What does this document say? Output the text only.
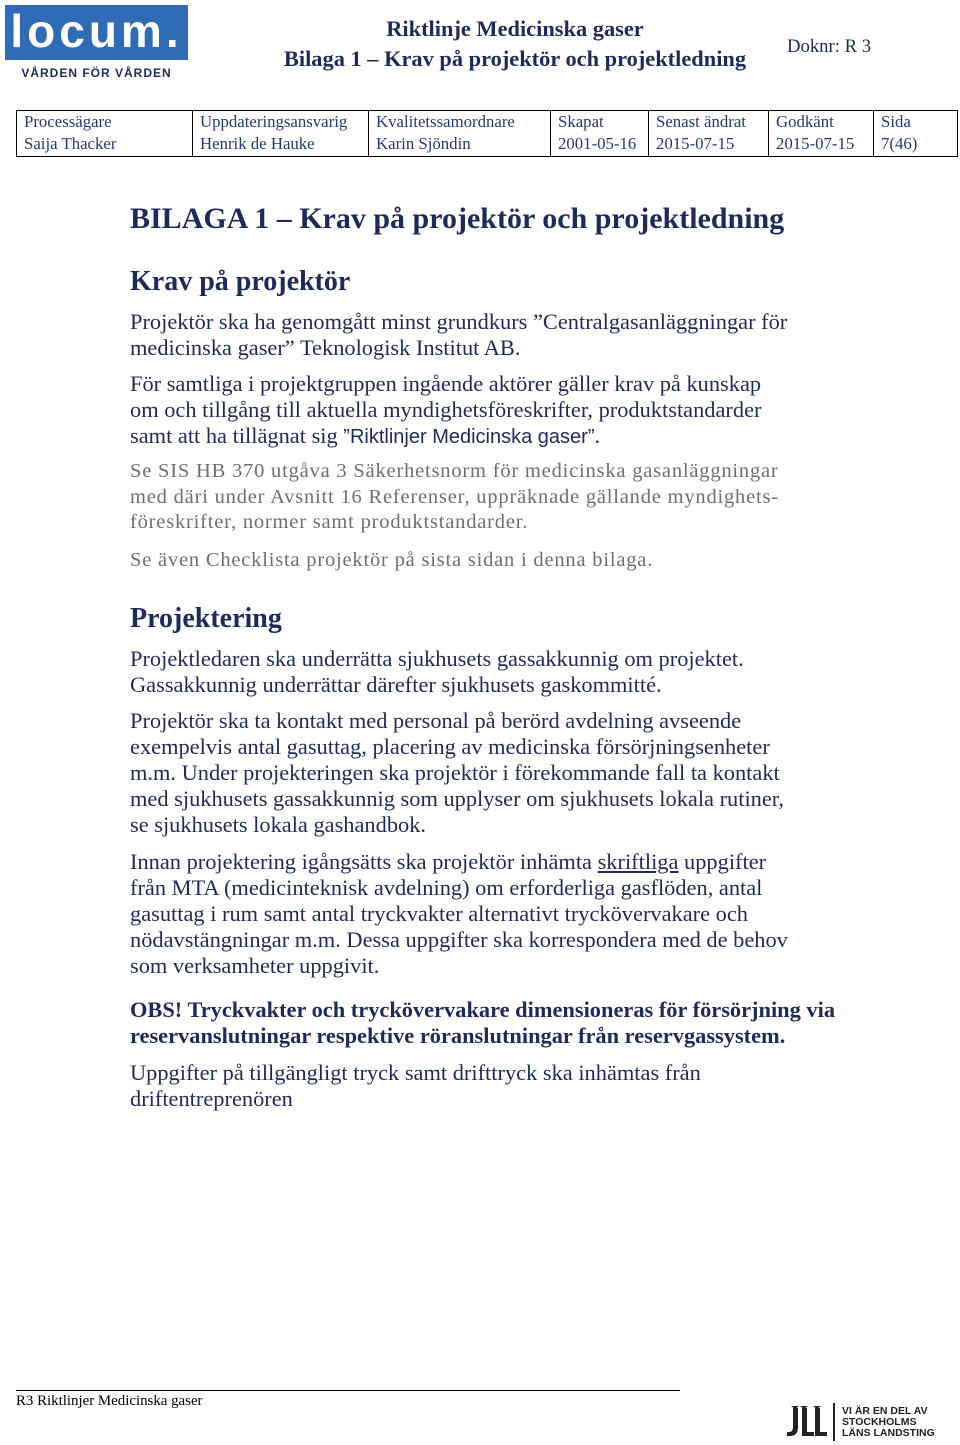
locum.
VÅRDEN FÖR VÅRDEN
Riktlinje Medicinska gaser
Bilaga 1 – Krav på projektör och projektledning	Doknr: R 3
Processägare
Saija Thacker
Uppdateringsansvarig
Henrik de Hauke
Kvalitetssamordnare
Karin Sjöndin
Skapat
2001-05-16
Senast ändrat
2015-07-15
Godkänt
2015-07-15
Sida
7(46)
BILAGA 1 – Krav på projektör och projektledning
Krav på projektör
Projektör ska ha genomgått minst grundkurs ”Centralgasanläggningar för
medicinska gaser” Teknologisk Institut AB.
För samtliga i projektgruppen ingående aktörer gäller krav på kunskap
om och tillgång till aktuella myndighetsföreskrifter, produktstandarder
samt att ha tillägnat sig ”Riktlinjer Medicinska gaser”.
Se SIS HB 370 utgåva 3 Säkerhetsnorm för medicinska gasanläggningar
med däri under Avsnitt 16 Referenser, uppräknade gällande myndighets-
föreskrifter, normer samt produktstandarder.
Se även Checklista projektör på sista sidan i denna bilaga.
Projektering
Projektledaren ska underrätta sjukhusets gassakkunnig om projektet.
Gassakkunnig underrättar därefter sjukhusets gaskommitté.
Projektör ska ta kontakt med personal på berörd avdelning avseende
exempelvis antal gasuttag, placering av medicinska försörjningsenheter
m.m. Under projekteringen ska projektör i förekommande fall ta kontakt
med sjukhusets gassakkunnig som upplyser om sjukhusets lokala rutiner,
se sjukhusets lokala gashandbok.
Innan projektering igångsätts ska projektör inhämta skriftliga uppgifter
från MTA (medicinteknisk avdelning) om erforderliga gasflöden, antal
gasuttag i rum samt antal tryckvakter alternativt tryckövervakare och
nödavstängningar m.m. Dessa uppgifter ska korrespondera med de behov
som verksamheter uppgivit.
OBS! Tryckvakter och tryckövervakare dimensioneras för försörjning via
reservanslutningar respektive röranslutningar från reservgassystem.
Uppgifter på tillgängligt tryck samt drifttryck ska inhämtas från
driftentreprenören
R3 Riktlinjer Medicinska gaser
VI ÄR EN DEL AV
STOCKHOLMS
LÄNS LANDSTING
